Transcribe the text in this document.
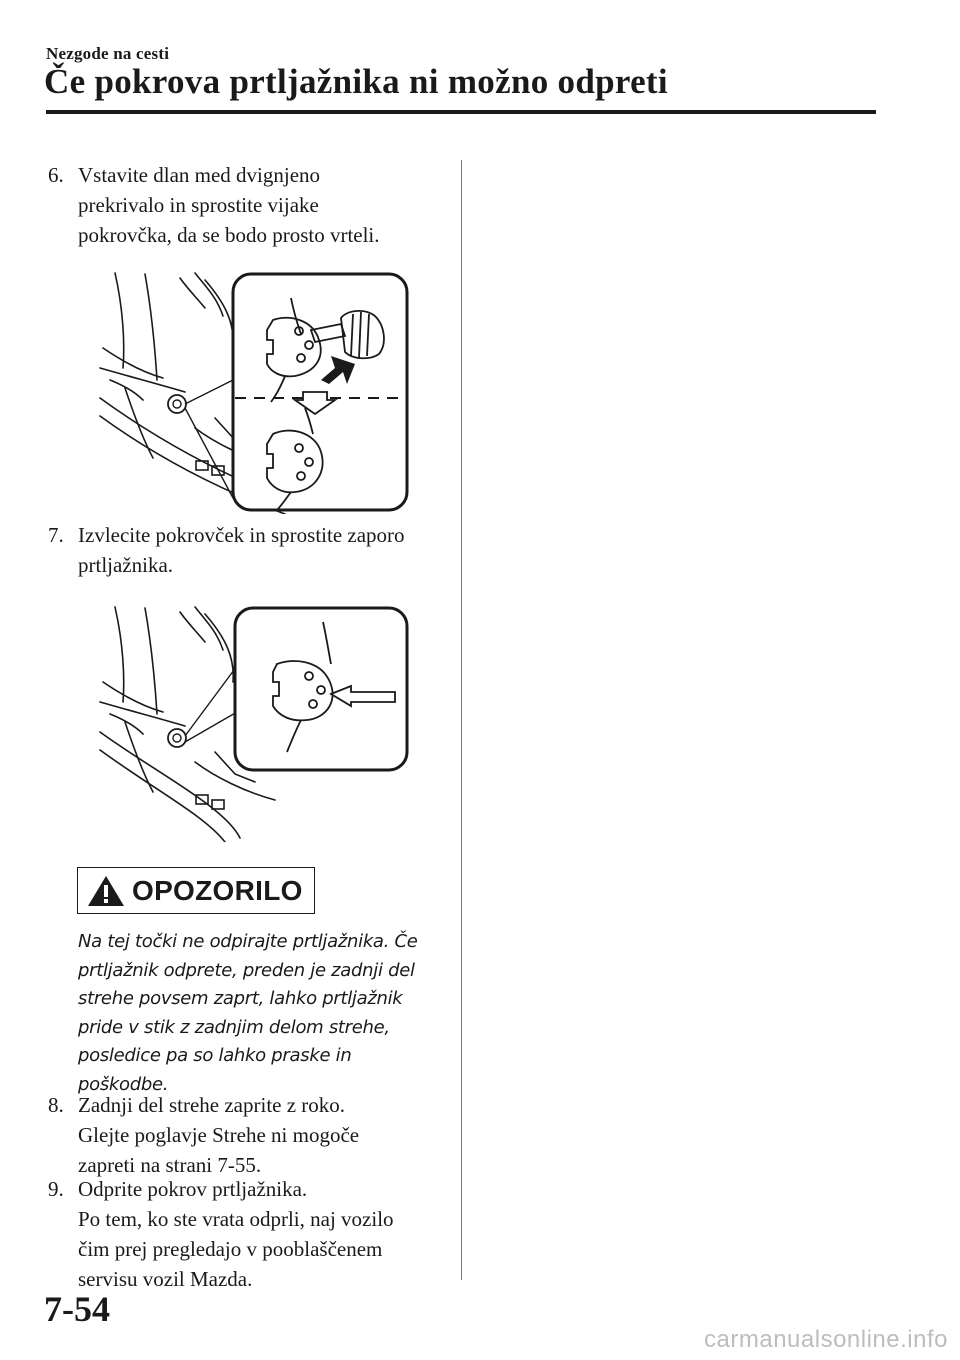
Nezgode na cesti
Če pokrova prtljažnika ni možno odpreti
6. Vstavite dlan med dvignjeno
prekrivalo in sprostite vijake
pokrovčka, da se bodo prosto vrteli.
7. Izvlecite pokrovček in sprostite zaporo
prtljažnika.
OPOZORILO
Na tej točki ne odpirajte prtljažnika. Če
prtljažnik odprete, preden je zadnji del
strehe povsem zaprt, lahko prtljažnik
pride v stik z zadnjim delom strehe,
posledice pa so lahko praske in
poškodbe.
8. Zadnji del strehe zaprite z roko.
Glejte poglavje Strehe ni mogoče
zapreti na strani 7-55.
9. Odprite pokrov prtljažnika.
Po tem, ko ste vrata odprli, naj vozilo
čim prej pregledajo v pooblaščenem
servisu vozil Mazda.
7-54
carmanualsonline.info
